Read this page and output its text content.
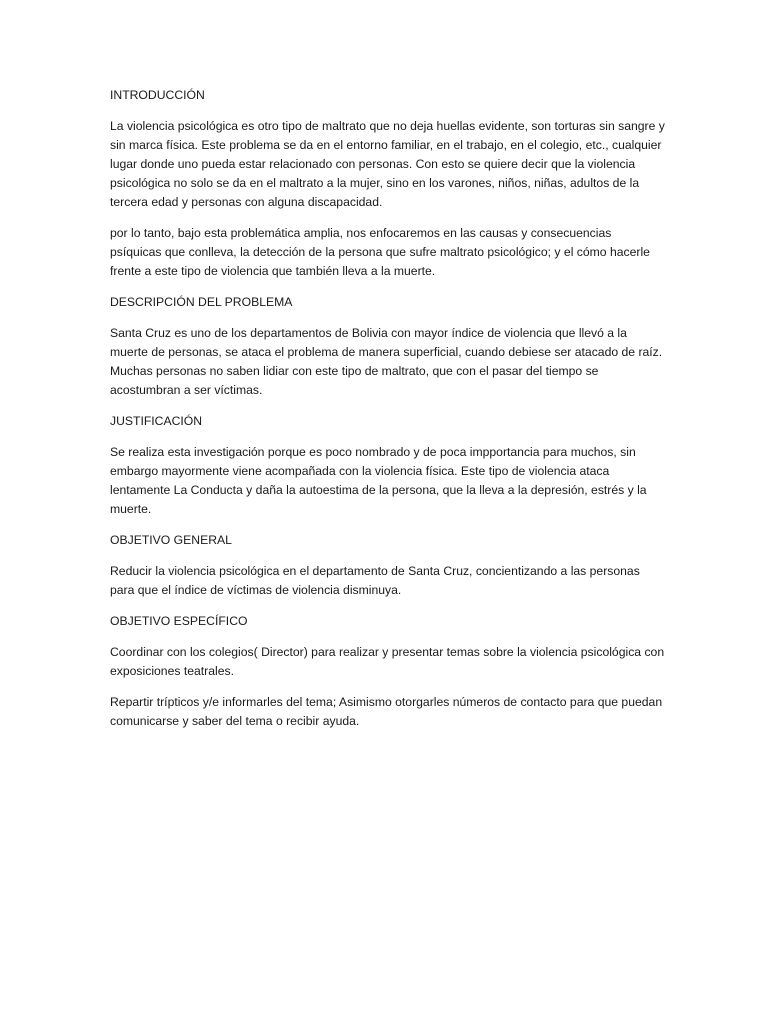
INTRODUCCIÓN
La violencia psicológica es otro tipo de maltrato que no deja huellas evidente, son torturas sin sangre y sin marca física. Este problema se da en el entorno familiar, en el trabajo, en el colegio, etc., cualquier lugar donde uno pueda estar relacionado con personas. Con esto se quiere decir que la violencia psicológica no solo se da en el maltrato a la mujer, sino en los varones, niños, niñas, adultos de la tercera edad y personas con alguna discapacidad.
por lo tanto, bajo esta problemática amplia, nos enfocaremos en las causas y consecuencias psíquicas que conlleva, la detección de la persona que sufre maltrato psicológico; y el cómo hacerle frente a este tipo de violencia que también lleva a la muerte.
DESCRIPCIÓN DEL PROBLEMA
Santa Cruz es uno de los departamentos de Bolivia con mayor índice de violencia que llevó a la muerte de personas, se ataca el problema de manera superficial, cuando debiese ser atacado de raíz. Muchas personas no saben lidiar con este tipo de maltrato, que con el pasar del tiempo se acostumbran a ser víctimas.
JUSTIFICACIÓN
Se realiza esta investigación porque es poco nombrado y de poca impportancia para muchos, sin embargo mayormente viene acompañada con la violencia física. Este tipo de violencia ataca lentamente La Conducta y daña la autoestima de la persona, que la lleva a la depresión, estrés y la muerte.
OBJETIVO GENERAL
Reducir la violencia psicológica en el departamento de Santa Cruz, concientizando a las personas para que el índice de víctimas de violencia disminuya.
OBJETIVO ESPECÍFICO
Coordinar con los colegios( Director) para realizar y presentar temas sobre la violencia psicológica con exposiciones teatrales.
Repartir trípticos y/e informarles del tema; Asimismo otorgarles números de contacto para que puedan comunicarse y saber del tema o recibir ayuda.
